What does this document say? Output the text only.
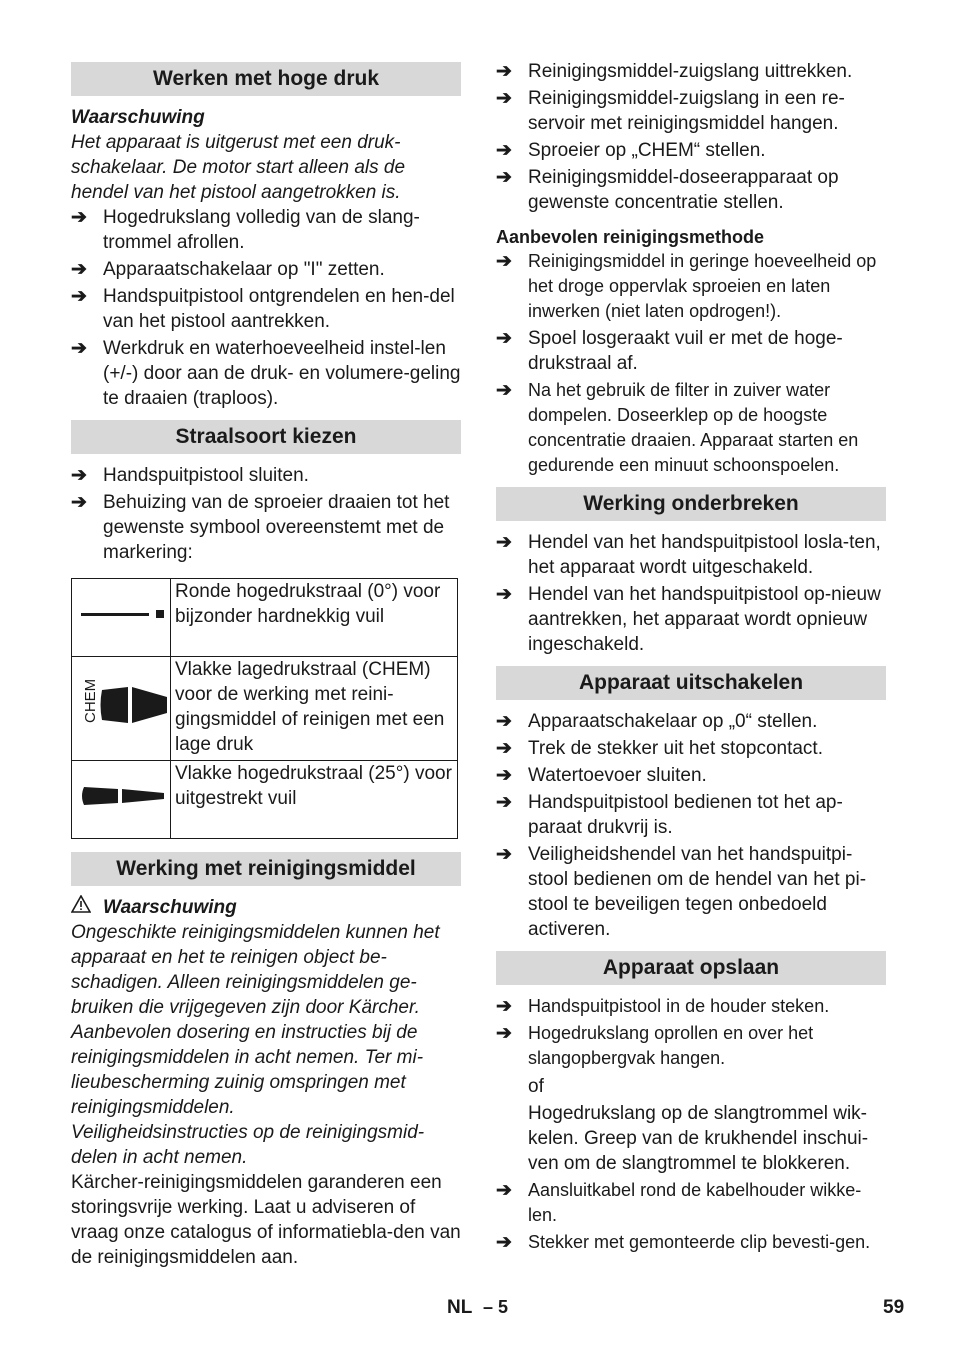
Werken met hoge druk
Waarschuwing
Het apparaat is uitgerust met een druk-schakelaar. De motor start alleen als de hendel van het pistool aangetrokken is.
➔ Hogedrukslang volledig van de slang-trommel afrollen.
➔ Apparaatschakelaar op "I" zetten.
➔ Handspuitpistool ontgrendelen en hen-del van het pistool aantrekken.
➔ Werkdruk en waterhoeveelheid instel-len (+/-) door aan de druk- en volumere-geling te draaien (traploos).
Straalsoort kiezen
➔ Handspuitpistool sluiten.
➔ Behuizing van de sproeier draaien tot het gewenste symbool overeenstemt met de markering:
	Ronde hogedrukstraal (0°) voor bijzonder hardnekkig vuil

CHEM	Vlakke lagedrukstraal (CHEM) voor de werking met reini-gingsmiddel of reinigen met een lage druk
	Vlakke hogedrukstraal (25°) voor uitgestrekt vuil
Werking met reinigingsmiddel
Waarschuwing
Ongeschikte reinigingsmiddelen kunnen het apparaat en het te reinigen object be-schadigen. Alleen reinigingsmiddelen ge-bruiken die vrijgegeven zijn door Kärcher. Aanbevolen dosering en instructies bij de reinigingsmiddelen in acht nemen. Ter mi-lieubescherming zuinig omspringen met reinigingsmiddelen.
Veiligheidsinstructies op de reinigingsmid-delen in acht nemen.
Kärcher-reinigingsmiddelen garanderen een storingsvrije werking. Laat u adviseren of vraag onze catalogus of informatiebla-den van de reinigingsmiddelen aan.
➔ Reinigingsmiddel-zuigslang uittrekken.
➔ Reinigingsmiddel-zuigslang in een re-servoir met reinigingsmiddel hangen.
➔ Sproeier op „CHEM“ stellen.
➔ Reinigingsmiddel-doseerapparaat op gewenste concentratie stellen.
Aanbevolen reinigingsmethode
➔ Reinigingsmiddel in geringe hoeveelheid op het droge oppervlak sproeien en laten inwerken (niet laten opdrogen!).
➔ Spoel losgeraakt vuil er met de hoge-drukstraal af.
➔ Na het gebruik de filter in zuiver water dompelen. Doseerklep op de hoogste concentratie draaien. Apparaat starten en gedurende een minuut schoonspoelen.
Werking onderbreken
➔ Hendel van het handspuitpistool losla-ten, het apparaat wordt uitgeschakeld.
➔ Hendel van het handspuitpistool op-nieuw aantrekken, het apparaat wordt opnieuw ingeschakeld.
Apparaat uitschakelen
➔ Apparaatschakelaar op „0“ stellen.
➔ Trek de stekker uit het stopcontact.
➔ Watertoevoer sluiten.
➔ Handspuitpistool bedienen tot het ap-paraat drukvrij is.
➔ Veiligheidshendel van het handspuitpi-stool bedienen om de hendel van het pi-stool te beveiligen tegen onbedoeld activeren.
Apparaat opslaan
➔ Handspuitpistool in de houder steken.
➔ Hogedrukslang oprollen en over het slangopbergvak hangen.
of
Hogedrukslang op de slangtrommel wik-kelen. Greep van de krukhendel inschui-ven om de slangtrommel te blokkeren.
➔ Aansluitkabel rond de kabelhouder wikke-len.
➔ Stekker met gemonteerde clip bevesti-gen.
NL – 5	59
